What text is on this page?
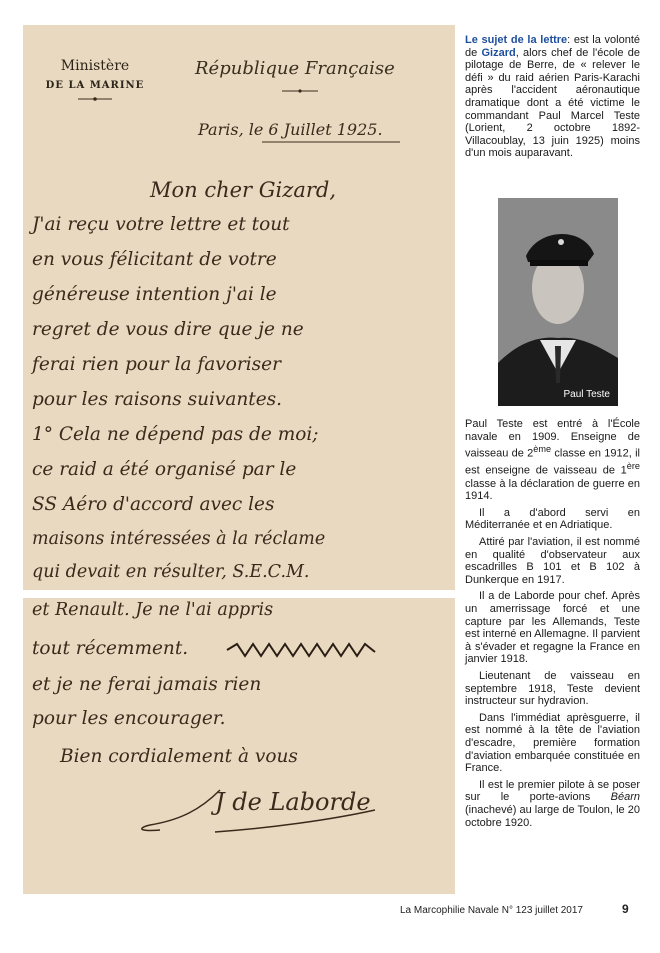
Ministère
DE LA MARINE
République Française
Paris, le 6 Juillet 1925.
Mon cher Gizard,
J'ai reçu votre lettre et tout
en vous félicitant de votre
généreuse intention j'ai le
regret de vous dire que je ne
ferai rien pour la favoriser
pour les raisons suivantes.
1° Cela ne dépend pas de moi;
ce raid a été organisé par le
SS Aéro d'accord avec les
maisons intéressées à la réclame
qui devait en résulter, S.E.C.M.
et Renault. Je ne l'ai appris
tout récemment.
et je ne ferai jamais rien
pour les encourager.
Bien cordialement à vous
J de Laborde

Le sujet de la lettre: est la volonté de Gizard, alors chef de l'école de pilotage de Berre, de « relever le défi » du raid aérien Paris-Karachi après l'accident aéronautique dramatique dont a été victime le commandant Paul Marcel Teste (Lorient, 2 octobre 1892-Villacoublay, 13 juin 1925) moins d'un mois auparavant.

Paul Teste

Paul Teste est entré à l'École navale en 1909. Enseigne de vaisseau de 2ème classe en 1912, il est enseigne de vaisseau de 1ère classe à la déclaration de guerre en 1914.

Il a d'abord servi en Méditerranée et en Adriatique.

Attiré par l'aviation, il est nommé en qualité d'observateur aux escadrilles B 101 et B 102 à Dunkerque en 1917.

Il a de Laborde pour chef. Après un amerrissage forcé et une capture par les Allemands, Teste est interné en Allemagne. Il parvient à s'évader et regagne la France en janvier 1918.

Lieutenant de vaisseau en septembre 1918, Teste devient instructeur sur hydravion.

Dans l'immédiat aprèsguerre, il est nommé à la tête de l'aviation d'escadre, première formation d'aviation embarquée constituée en France.

Il est le premier pilote à se poser sur le porte-avions Béarn (inachevé) au large de Toulon, le 20 octobre 1920.

La Marcophilie Navale N° 123 juillet 2017	9
